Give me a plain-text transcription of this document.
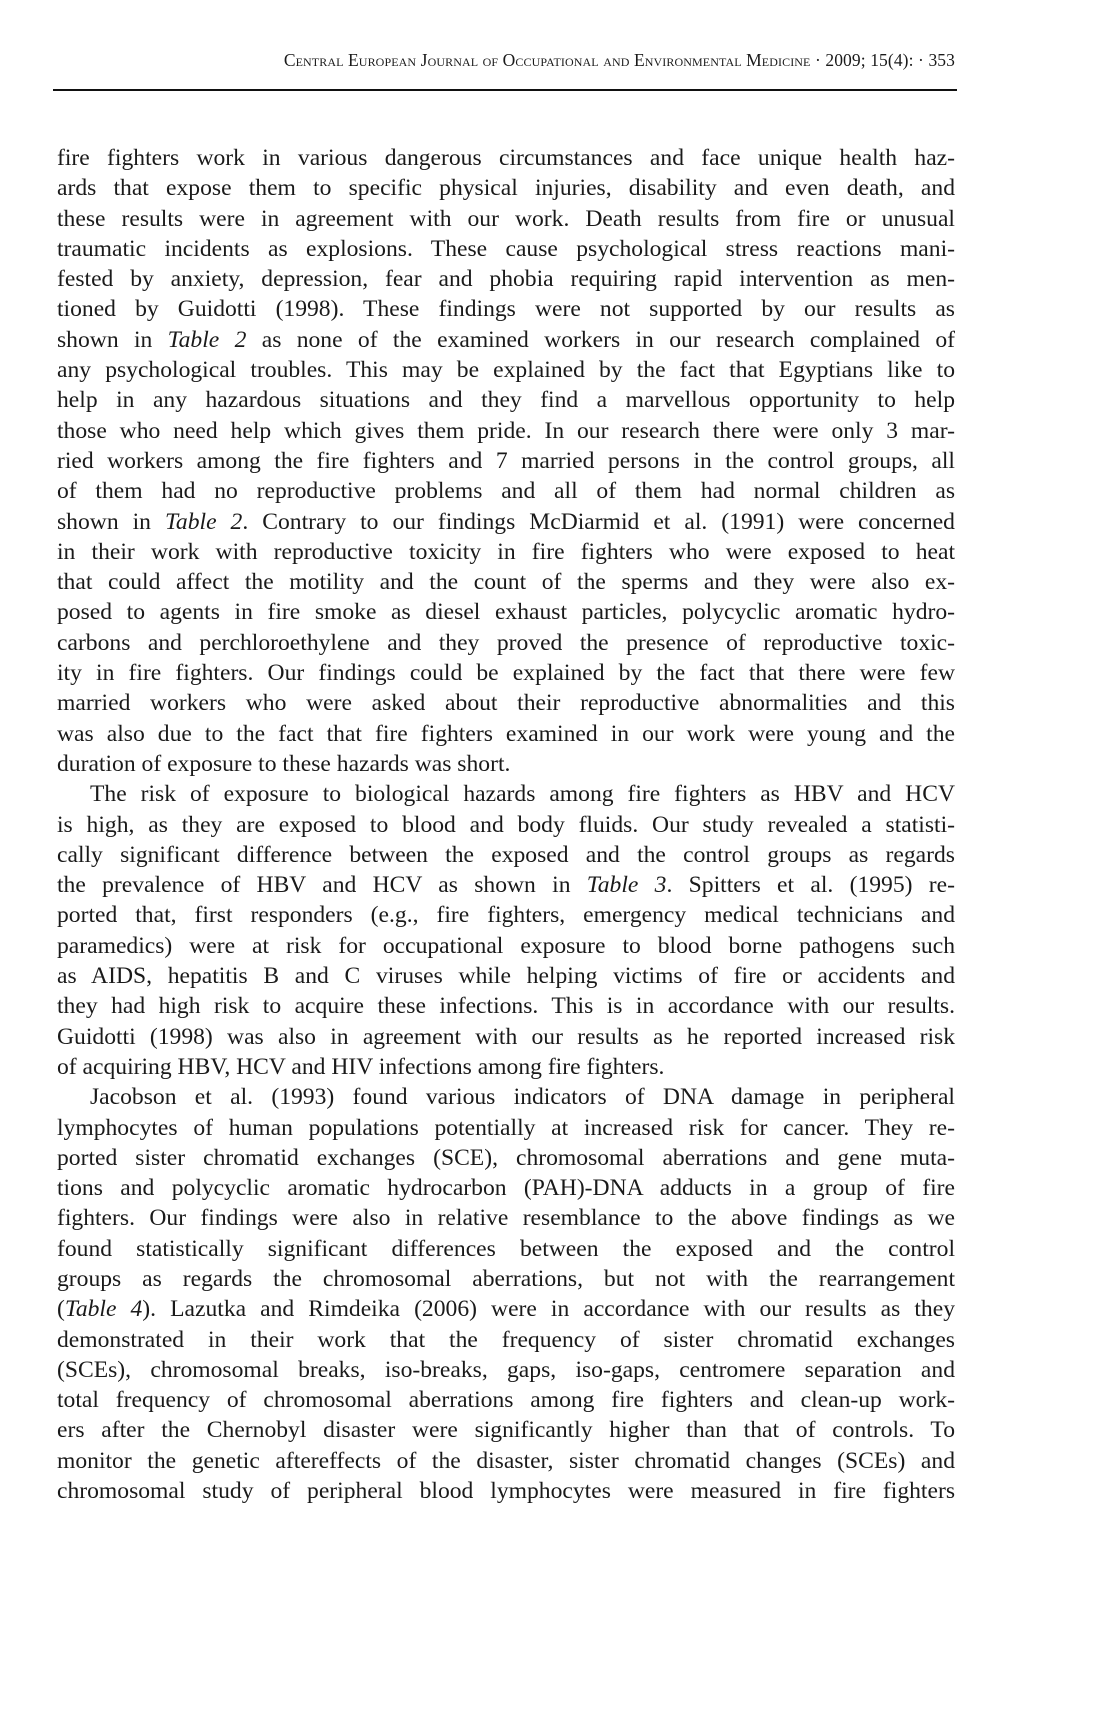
Central European Journal of Occupational and Environmental Medicine · 2009; 15(4): · 353
fire fighters work in various dangerous circumstances and face unique health haz-
ards that expose them to specific physical injuries, disability and even death, and
these results were in agreement with our work. Death results from fire or unusual
traumatic incidents as explosions. These cause psychological stress reactions mani-
fested by anxiety, depression, fear and phobia requiring rapid intervention as men-
tioned by Guidotti (1998). These findings were not supported by our results as
shown in Table 2 as none of the examined workers in our research complained of
any psychological troubles. This may be explained by the fact that Egyptians like to
help in any hazardous situations and they find a marvellous opportunity to help
those who need help which gives them pride. In our research there were only 3 mar-
ried workers among the fire fighters and 7 married persons in the control groups, all
of them had no reproductive problems and all of them had normal children as
shown in Table 2. Contrary to our findings McDiarmid et al. (1991) were concerned
in their work with reproductive toxicity in fire fighters who were exposed to heat
that could affect the motility and the count of the sperms and they were also ex-
posed to agents in fire smoke as diesel exhaust particles, polycyclic aromatic hydro-
carbons and perchloroethylene and they proved the presence of reproductive toxic-
ity in fire fighters. Our findings could be explained by the fact that there were few
married workers who were asked about their reproductive abnormalities and this
was also due to the fact that fire fighters examined in our work were young and the
duration of exposure to these hazards was short.
The risk of exposure to biological hazards among fire fighters as HBV and HCV
is high, as they are exposed to blood and body fluids. Our study revealed a statisti-
cally significant difference between the exposed and the control groups as regards
the prevalence of HBV and HCV as shown in Table 3. Spitters et al. (1995) re-
ported that, first responders (e.g., fire fighters, emergency medical technicians and
paramedics) were at risk for occupational exposure to blood borne pathogens such
as AIDS, hepatitis B and C viruses while helping victims of fire or accidents and
they had high risk to acquire these infections. This is in accordance with our results.
Guidotti (1998) was also in agreement with our results as he reported increased risk
of acquiring HBV, HCV and HIV infections among fire fighters.
Jacobson et al. (1993) found various indicators of DNA damage in peripheral
lymphocytes of human populations potentially at increased risk for cancer. They re-
ported sister chromatid exchanges (SCE), chromosomal aberrations and gene muta-
tions and polycyclic aromatic hydrocarbon (PAH)-DNA adducts in a group of fire
fighters. Our findings were also in relative resemblance to the above findings as we
found statistically significant differences between the exposed and the control
groups as regards the chromosomal aberrations, but not with the rearrangement
(Table 4). Lazutka and Rimdeika (2006) were in accordance with our results as they
demonstrated in their work that the frequency of sister chromatid exchanges
(SCEs), chromosomal breaks, iso-breaks, gaps, iso-gaps, centromere separation and
total frequency of chromosomal aberrations among fire fighters and clean-up work-
ers after the Chernobyl disaster were significantly higher than that of controls. To
monitor the genetic aftereffects of the disaster, sister chromatid changes (SCEs) and
chromosomal study of peripheral blood lymphocytes were measured in fire fighters
